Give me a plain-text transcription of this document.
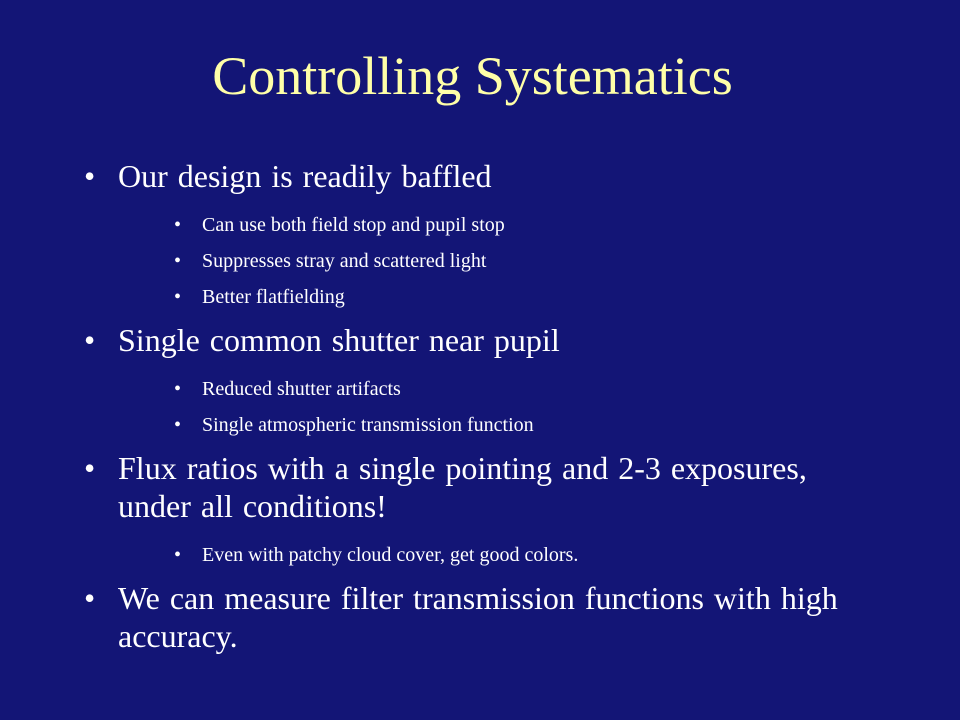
Controlling Systematics
• Our design is readily baffled
•	Can use both field stop and pupil stop
•	Suppresses stray and scattered light
•	Better flatfielding
• Single common shutter near pupil
•	Reduced shutter artifacts
•	Single atmospheric transmission function
• Flux ratios with a single pointing and 2-3 exposures, under all conditions!
•	Even with patchy cloud cover, get good colors.
• We can measure filter transmission functions with high accuracy.
